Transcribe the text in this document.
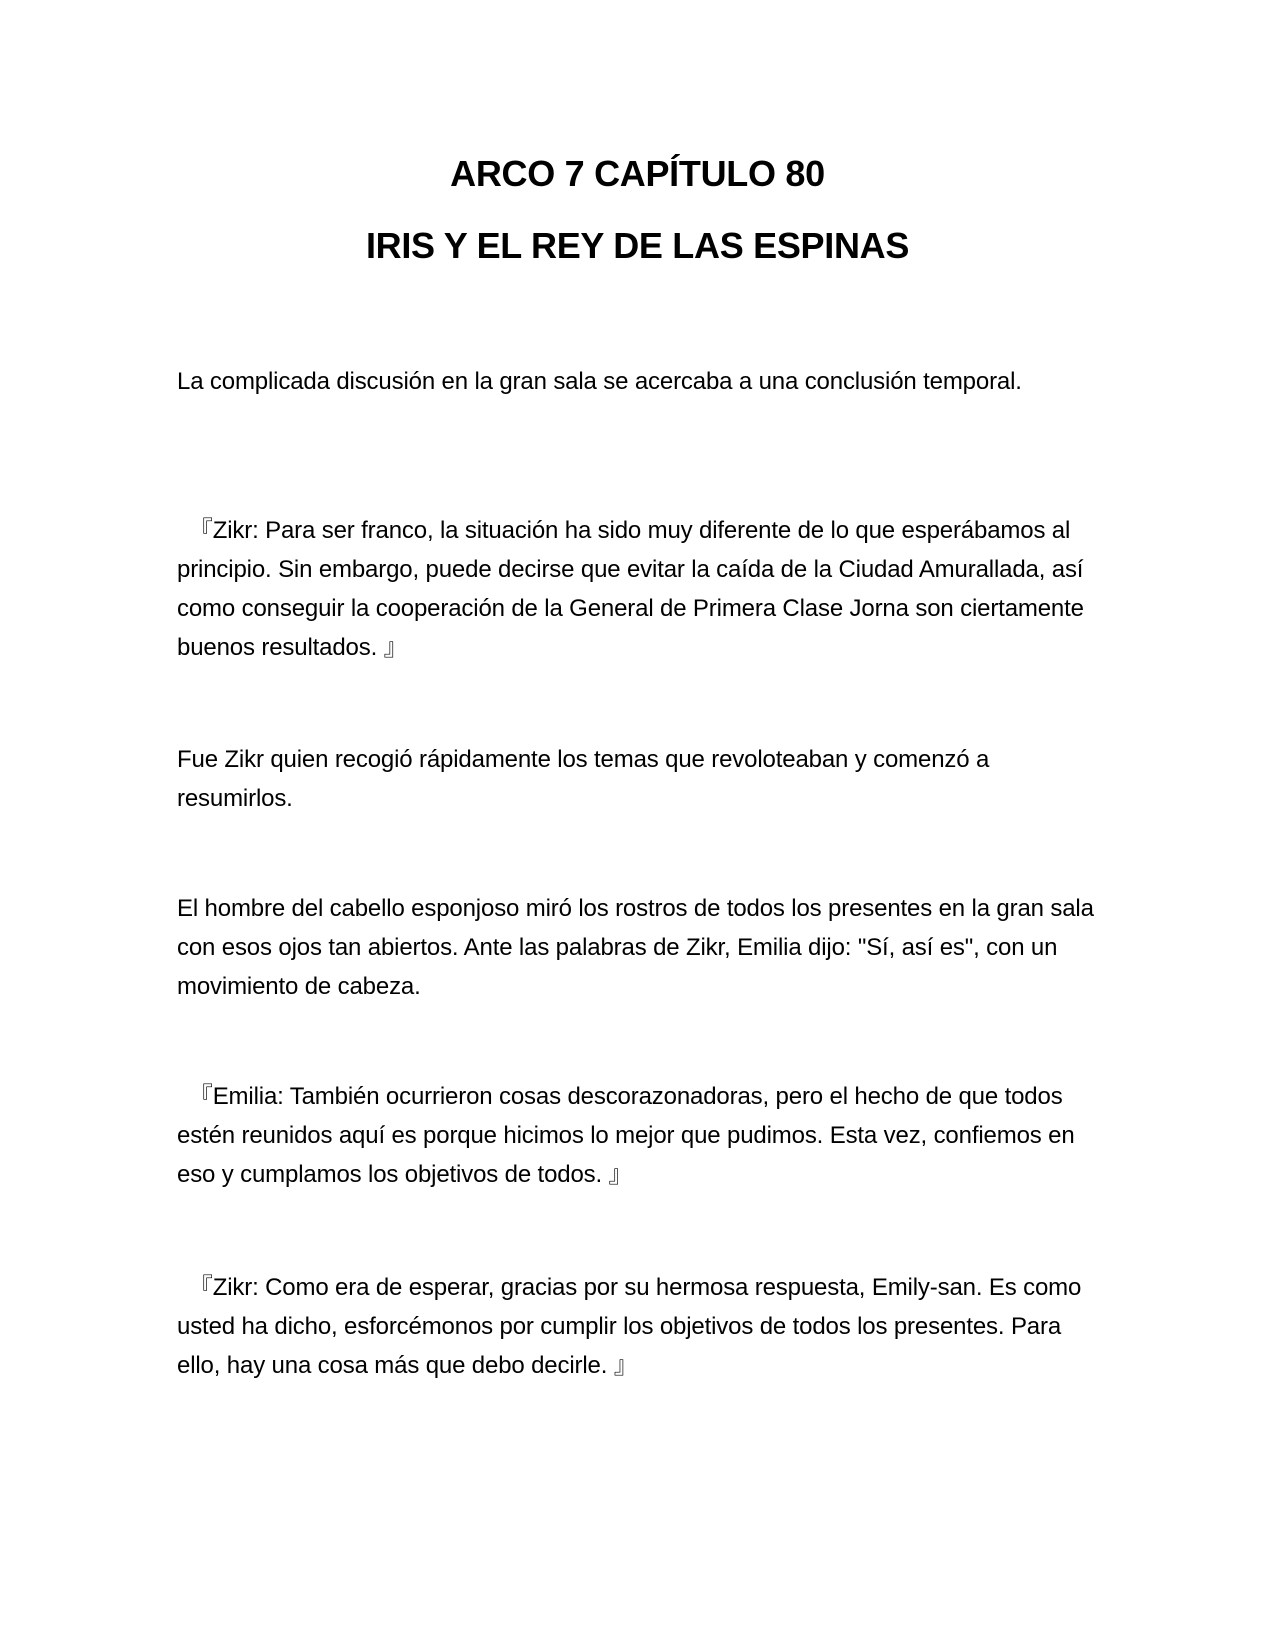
ARCO 7 CAPÍTULO 80
IRIS Y EL REY DE LAS ESPINAS

La complicada discusión en la gran sala se acercaba a una conclusión temporal.

　『Zikr: Para ser franco, la situación ha sido muy diferente de lo que esperábamos al principio. Sin embargo, puede decirse que evitar la caída de la Ciudad Amurallada, así como conseguir la cooperación de la General de Primera Clase Jorna son ciertamente buenos resultados. 』

Fue Zikr quien recogió rápidamente los temas que revoloteaban y comenzó a resumirlos.

El hombre del cabello esponjoso miró los rostros de todos los presentes en la gran sala con esos ojos tan abiertos. Ante las palabras de Zikr, Emilia dijo: "Sí, así es", con un movimiento de cabeza.

　『Emilia: También ocurrieron cosas descorazonadoras, pero el hecho de que todos estén reunidos aquí es porque hicimos lo mejor que pudimos. Esta vez, confiemos en eso y cumplamos los objetivos de todos. 』

　『Zikr: Como era de esperar, gracias por su hermosa respuesta, Emily-san. Es como usted ha dicho, esforcémonos por cumplir los objetivos de todos los presentes. Para ello, hay una cosa más que debo decirle. 』
